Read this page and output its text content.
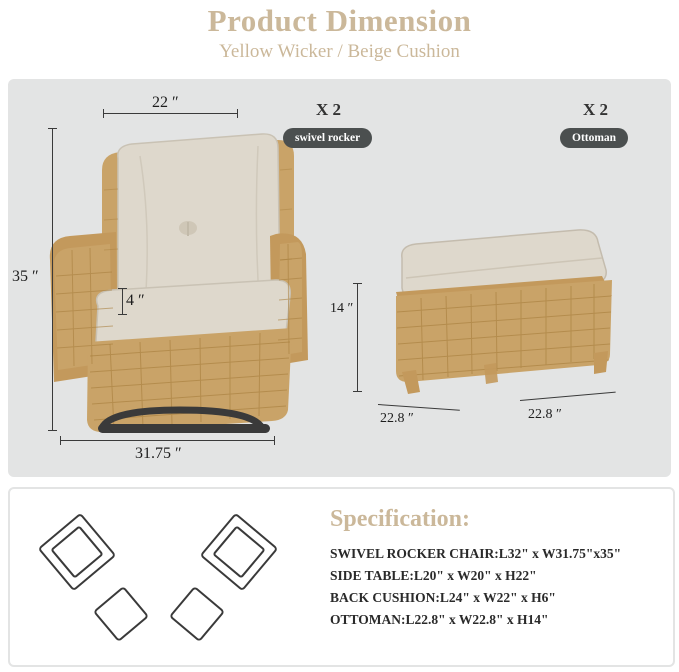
Product Dimension
Yellow Wicker / Beige Cushion
22 ″
35 ″
4 ″
31.75 ″
14 ″
22.8 ″	22.8 ″
X 2
swivel rocker
X 2
Ottoman
Specification:
SWIVEL ROCKER CHAIR:L32" x W31.75"x35"
SIDE TABLE:L20" x W20" x H22"
BACK CUSHION:L24" x W22" x H6"
OTTOMAN:L22.8" x W22.8" x H14"
